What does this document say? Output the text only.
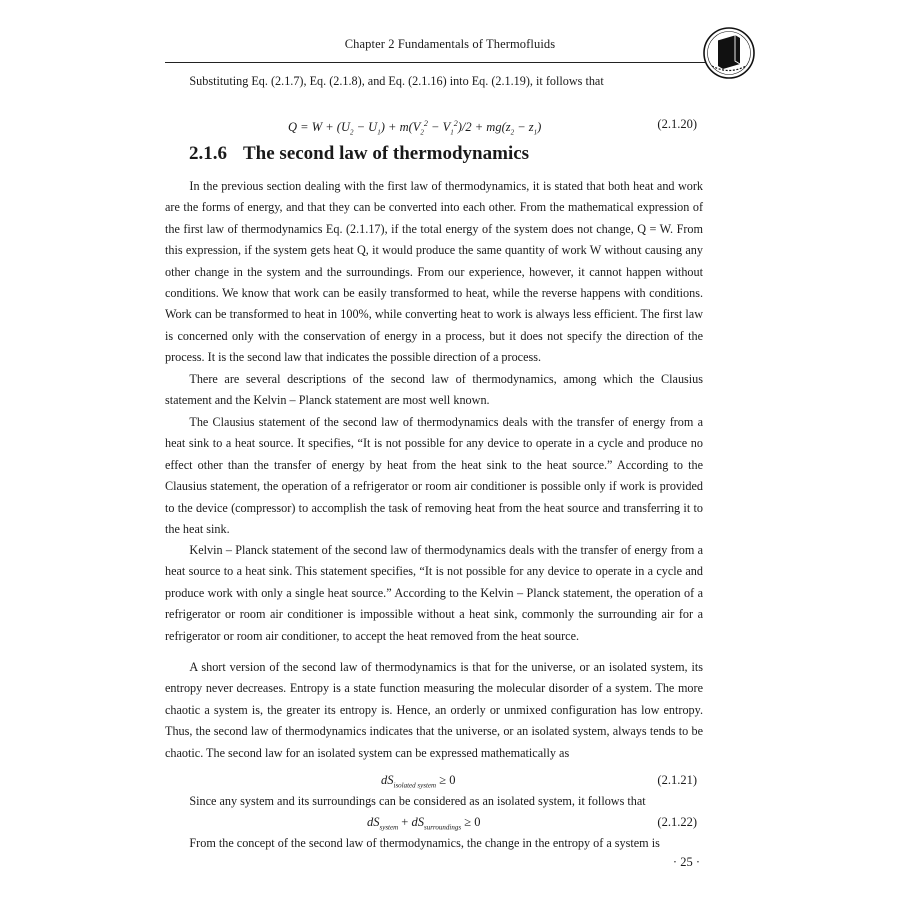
Chapter 2 Fundamentals of Thermofluids

Substituting Eq. (2.1.7), Eq. (2.1.8), and Eq. (2.1.16) into Eq. (2.1.19), it follows that

$Q = W + (U_2 - U_1) + m(V_2^2 - V_1^2)/2 + mg(z_2 - z_1)$	(2.1.20)
2.1.6 The second law of thermodynamics

In the previous section dealing with the first law of thermodynamics, it is stated that both heat and work are the forms of energy, and that they can be converted into each other. From the mathematical expression of the first law of thermodynamics Eq. (2.1.17), if the total energy of the system does not change, Q = W. From this expression, if the system gets heat Q, it would produce the same quantity of work W without causing any other change in the system and the surroundings. From our experience, however, it cannot happen without conditions. We know that work can be easily transformed to heat, while the reverse happens with conditions. Work can be transformed to heat in 100%, while converting heat to work is always less efficient. The first law is concerned only with the conservation of energy in a process, but it does not specify the direction of the process. It is the second law that indicates the possible direction of a process.

There are several descriptions of the second law of thermodynamics, among which the Clausius statement and the Kelvin – Planck statement are most well known.

The Clausius statement of the second law of thermodynamics deals with the transfer of energy from a heat sink to a heat source. It specifies, “It is not possible for any device to operate in a cycle and produce no effect other than the transfer of energy by heat from the heat sink to the heat source.” According to the Clausius statement, the operation of a refrigerator or room air conditioner is possible only if work is provided to the device (compressor) to accomplish the task of removing heat from the heat source and transferring it to the heat sink.

Kelvin – Planck statement of the second law of thermodynamics deals with the transfer of energy from a heat source to a heat sink. This statement specifies, “It is not possible for any device to operate in a cycle and produce work with only a single heat source.” According to the Kelvin – Planck statement, the operation of a refrigerator or room air conditioner is impossible without a heat sink, commonly the surrounding air for a refrigerator or room air conditioner, to accept the heat removed from the heat source.

A short version of the second law of thermodynamics is that for the universe, or an isolated system, its entropy never decreases. Entropy is a state function measuring the molecular disorder of a system. The more chaotic a system is, the greater its entropy is. Hence, an orderly or unmixed configuration has low entropy. Thus, the second law of thermodynamics indicates that the universe, or an isolated system, always tends to be chaotic. The second law for an isolated system can be expressed mathematically as

$dS_{isolated system} \ge 0$	(2.1.21)

Since any system and its surroundings can be considered as an isolated system, it follows that

$dS_{system} + dS_{surroundings} \ge 0$	(2.1.22)

From the concept of the second law of thermodynamics, the change in the entropy of a system is

· 25 ·
